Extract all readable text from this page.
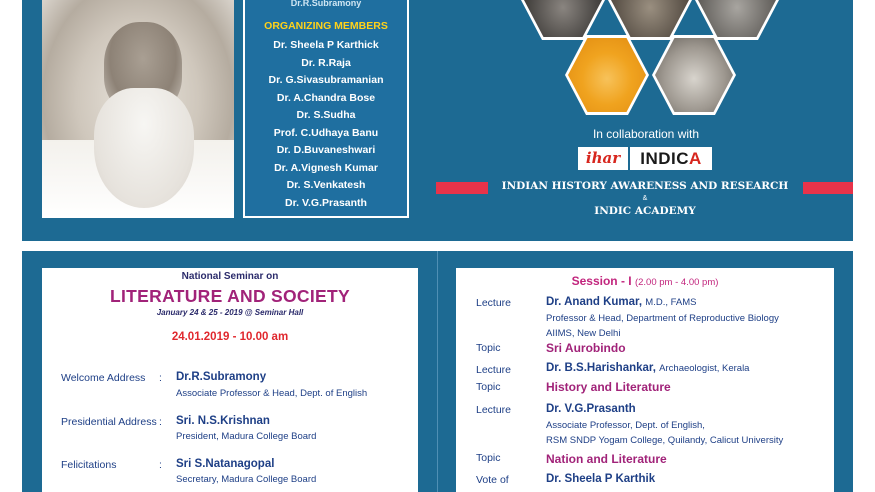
Dr.R.Subramony
ORGANIZING MEMBERS
Dr. Sheela P Karthick
Dr. R.Raja
Dr. G.Sivasubramanian
Dr. A.Chandra Bose
Dr. S.Sudha
Prof. C.Udhaya Banu
Dr. D.Buvaneshwari
Dr. A.Vignesh Kumar
Dr. S.Venkatesh
Dr. V.G.Prasanth
In collaboration with
ihar	INDICA
INDIAN HISTORY AWARENESS AND RESEARCH
&
INDIC ACADEMY
National Seminar on
LITERATURE AND SOCIETY
January 24 & 25 - 2019 @ Seminar Hall
24.01.2019 - 10.00 am
Welcome Address : Dr.R.Subramony
Associate Professor & Head, Dept. of English
Presidential Address : Sri. N.S.Krishnan
President, Madura College Board
Felicitations	: Sri S.Natanagopal
Secretary, Madura College Board
Session - I (2.00 pm - 4.00 pm)
Lecture	Dr. Anand Kumar, M.D., FAMS
Professor & Head, Department of Reproductive Biology
AIIMS, New Delhi
Topic	Sri Aurobindo
Lecture	Dr. B.S.Harishankar, Archaeologist, Kerala
Topic	History and Literature
Lecture	Dr. V.G.Prasanth
Associate Professor, Dept. of English,
RSM SNDP Yogam College, Quilandy, Calicut University
Topic	Nation and Literature
Vote of	Dr. Sheela P Karthik
